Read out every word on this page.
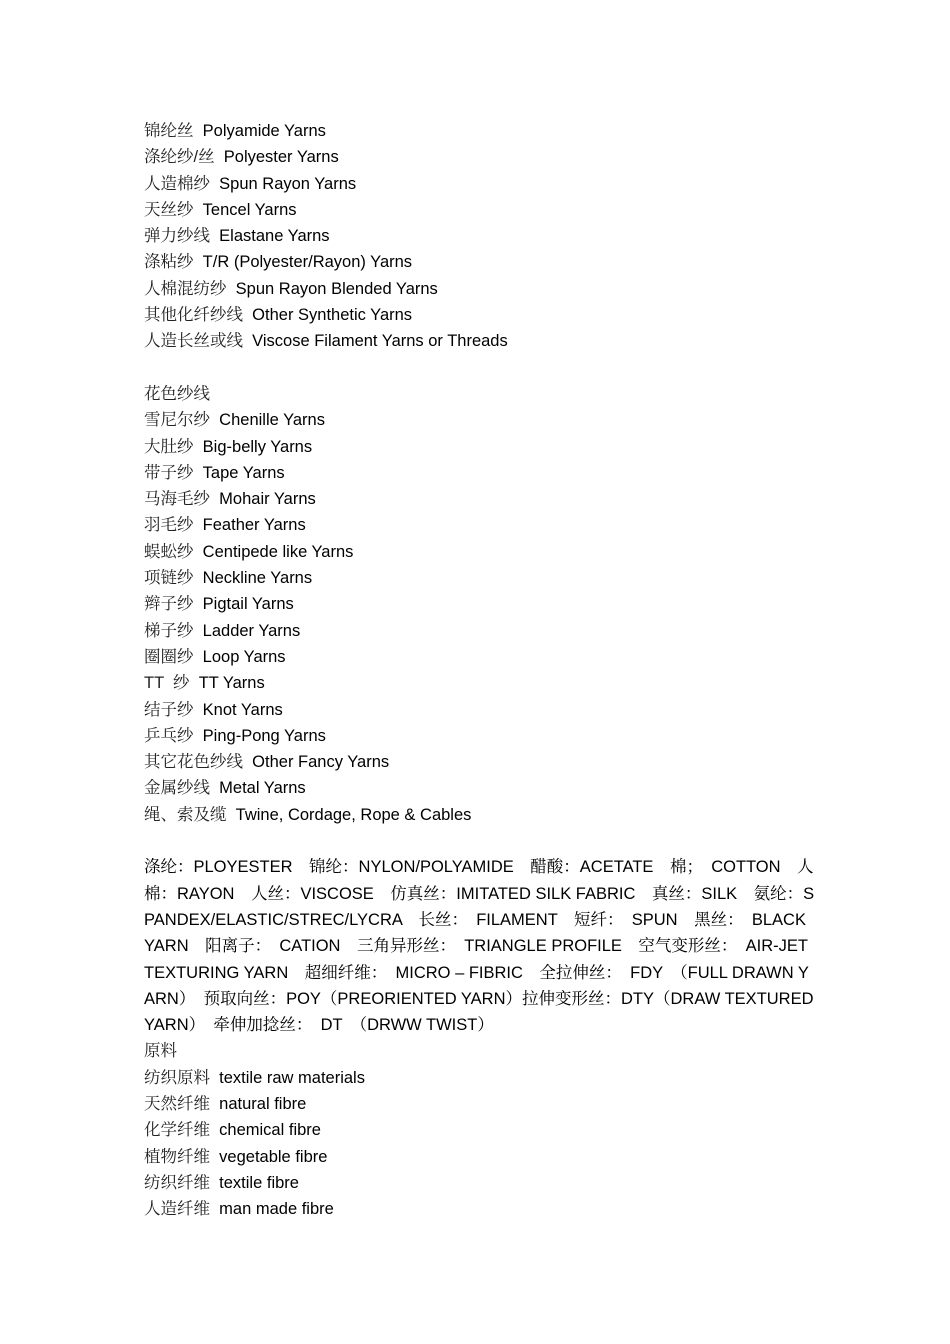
锦纶丝 Polyamide Yarns
涤纶纱/丝 Polyester Yarns
人造棉纱 Spun Rayon Yarns
天丝纱 Tencel Yarns
弹力纱线 Elastane Yarns
涤粘纱 T/R (Polyester/Rayon) Yarns
人棉混纺纱 Spun Rayon Blended Yarns
其他化纤纱线 Other Synthetic Yarns
人造长丝或线 Viscose Filament Yarns or Threads
花色纱线
雪尼尔纱 Chenille Yarns
大肚纱 Big-belly Yarns
带子纱 Tape Yarns
马海毛纱 Mohair Yarns
羽毛纱 Feather Yarns
蜈蚣纱 Centipede like Yarns
项链纱 Neckline Yarns
辫子纱 Pigtail Yarns
梯子纱 Ladder Yarns
圈圈纱 Loop Yarns
TT  纱 TT Yarns
结子纱 Knot Yarns
乒乓纱 Ping-Pong Yarns
其它花色纱线 Other Fancy Yarns
金属纱线 Metal Yarns
绳、索及缆 Twine, Cordage, Rope & Cables
涤纶：PLOYESTER　锦纶：NYLON/POLYAMIDE　醋酸：ACETATE　棉；　COTTON　人棉：RAYON　人丝：VISCOSE　仿真丝：IMITATED SILK FABRIC　真丝：SILK　氨纶：SPANDEX/ELASTIC/STREC/LYCRA　长丝：　FILAMENT　短纤：　SPUN　黑丝：　BLACK YARN　阳离子：　CATION　三角异形丝：　TRIANGLE PROFILE　空气变形丝：　AIR-JET TEXTURING YARN　超细纤维：　MICRO – FIBRIC　全拉伸丝：　FDY　（FULL DRAWN YARN）　预取向丝：POY（PREORIENTED YARN）拉伸变形丝：DTY（DRAW TEXTURED YARN）　牵伸加捻丝：　DT　（DRWW TWIST）
原料
纺织原料 textile raw materials
天然纤维 natural fibre
化学纤维 chemical fibre
植物纤维 vegetable fibre
纺织纤维 textile fibre
人造纤维 man made fibre
